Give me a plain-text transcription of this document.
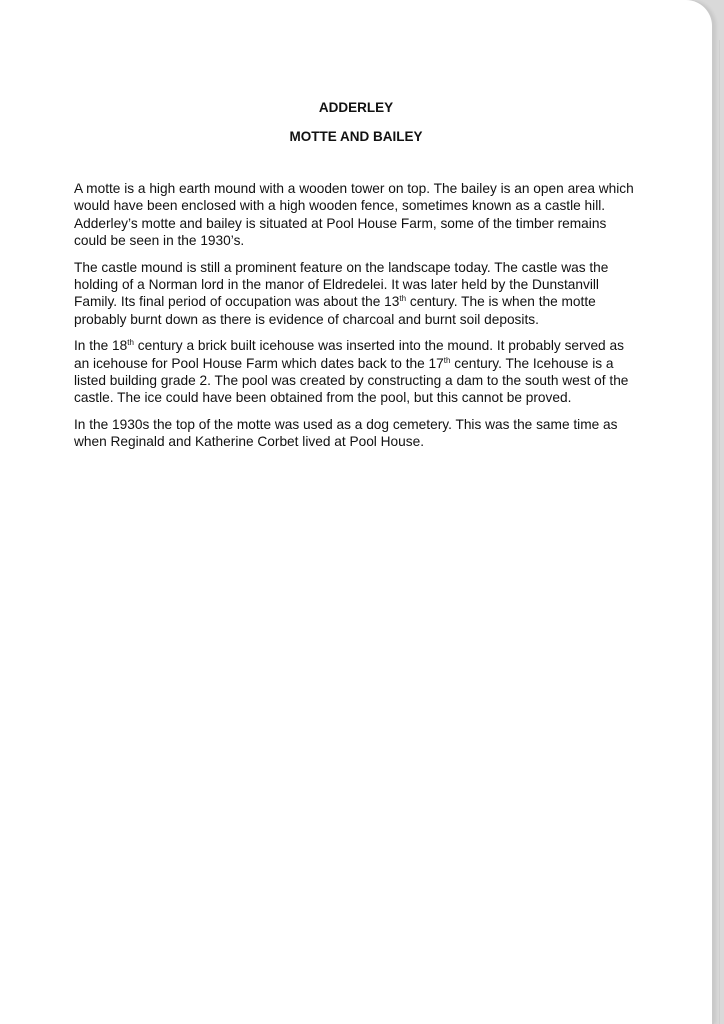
ADDERLEY
MOTTE AND BAILEY

A motte is a high earth mound with a wooden tower on top. The bailey is an open area which would have been enclosed with a high wooden fence, sometimes known as a castle hill. Adderley’s motte and bailey is situated at Pool House Farm, some of the timber remains could be seen in the 1930’s.

The castle mound is still a prominent feature on the landscape today. The castle was the holding of a Norman lord in the manor of Eldredelei. It was later held by the Dunstanvill Family. Its final period of occupation was about the 13th century. The is when the motte probably burnt down as there is evidence of charcoal and burnt soil deposits.

In the 18th century a brick built icehouse was inserted into the mound. It probably served as an icehouse for Pool House Farm which dates back to the 17th century. The Icehouse is a listed building grade 2. The pool was created by constructing a dam to the south west of the castle. The ice could have been obtained from the pool, but this cannot be proved.

In the 1930s the top of the motte was used as a dog cemetery. This was the same time as when Reginald and Katherine Corbet lived at Pool House.
